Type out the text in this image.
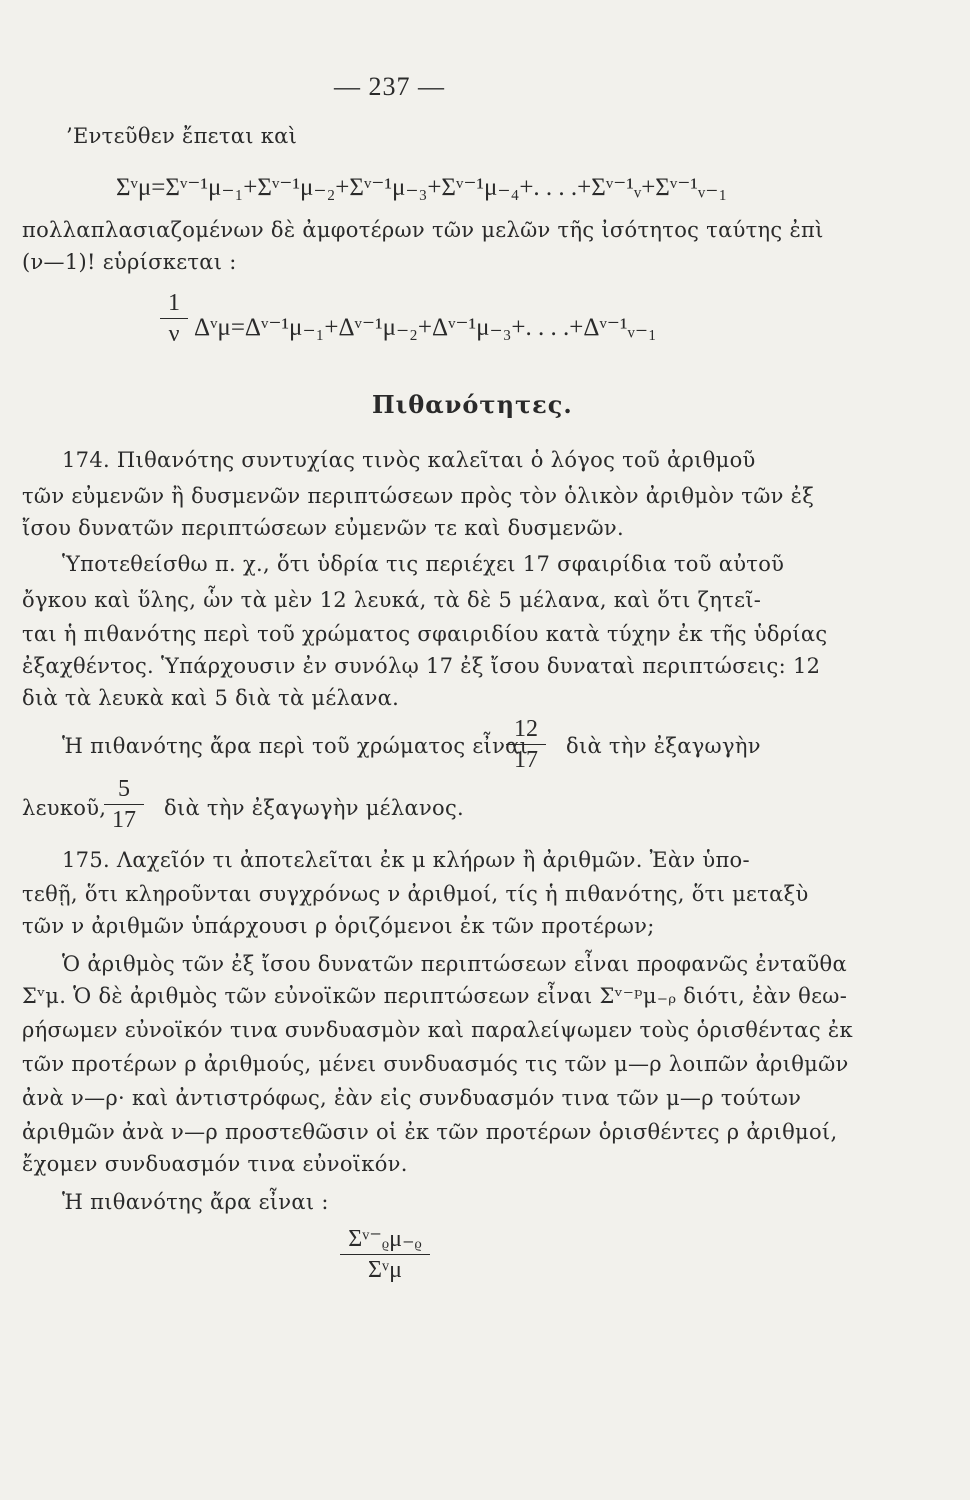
— 237 —
’Εντεῦθεν ἔπεται καὶ
Σᵛμ=Σᵛ⁻¹μ₋₁+Σᵛ⁻¹μ₋₂+Σᵛ⁻¹μ₋₃+Σᵛ⁻¹μ₋₄+. . . .+Σᵛ⁻¹ᵥ+Σᵛ⁻¹ᵥ₋₁
πολλαπλασιαζομένων δὲ ἀμφοτέρων τῶν μελῶν τῆς ἰσότητος ταύτης ἐπὶ
(ν—1)! εὑρίσκεται :
1
ν Δᵛμ=Δᵛ⁻¹μ₋₁+Δᵛ⁻¹μ₋₂+Δᵛ⁻¹μ₋₃+. . . .+Δᵛ⁻¹ᵥ₋₁
Πιθανότητες.
174. Πιθανότης συντυχίας τινὸς καλεῖται ὁ λόγος τοῦ ἀριθμοῦ
τῶν εὐμενῶν ἢ δυσμενῶν περιπτώσεων πρὸς τὸν ὁλικὸν ἀριθμὸν τῶν ἐξ
ἴσου δυνατῶν περιπτώσεων εὐμενῶν τε καὶ δυσμενῶν.
Ὑποτεθείσθω π. χ., ὅτι ὑδρία τις περιέχει 17 σφαιρίδια τοῦ αὐτοῦ
ὄγκου καὶ ὕλης, ὧν τὰ μὲν 12 λευκά, τὰ δὲ 5 μέλανα, καὶ ὅτι ζητεῖ-
ται ἡ πιθανότης περὶ τοῦ χρώματος σφαιριδίου κατὰ τύχην ἐκ τῆς ὑδρίας
ἐξαχθέντος. Ὑπάρχουσιν ἐν συνόλῳ 17 ἐξ ἴσου δυναταὶ περιπτώσεις: 12
διὰ τὰ λευκὰ καὶ 5 διὰ τὰ μέλανα.
Ἡ πιθανότης ἄρα περὶ τοῦ χρώματος εἶναι
12
17
διὰ τὴν ἐξαγωγὴν
λευκοῦ,
5
17	διὰ τὴν ἐξαγωγὴν μέλανος.
175. Λαχεῖόν τι ἀποτελεῖται ἐκ μ κλήρων ἢ ἀριθμῶν. Ἐὰν ὑπο-
τεθῇ, ὅτι κληροῦνται συγχρόνως ν ἀριθμοί, τίς ἡ πιθανότης, ὅτι μεταξὺ
τῶν ν ἀριθμῶν ὑπάρχουσι ρ ὁριζόμενοι ἐκ τῶν προτέρων;
Ὁ ἀριθμὸς τῶν ἐξ ἴσου δυνατῶν περιπτώσεων εἶναι προφανῶς ἐνταῦθα
Σᵛμ. Ὁ δὲ ἀριθμὸς τῶν εὐνοϊκῶν περιπτώσεων εἶναι Σᵛ⁻ᵖμ₋ᵨ διότι, ἐὰν θεω-
ρήσωμεν εὐνοϊκόν τινα συνδυασμὸν καὶ παραλείψωμεν τοὺς ὁρισθέντας ἐκ
τῶν προτέρων ρ ἀριθμούς, μένει συνδυασμός τις τῶν μ—ρ λοιπῶν ἀριθμῶν
ἀνὰ ν—ρ· καὶ ἀντιστρόφως, ἐὰν εἰς συνδυασμόν τινα τῶν μ—ρ τούτων
ἀριθμῶν ἀνὰ ν—ρ προστεθῶσιν οἱ ἐκ τῶν προτέρων ὁρισθέντες ρ ἀριθμοί,
ἔχομεν συνδυασμόν τινα εὐνοϊκόν.
Ἡ πιθανότης ἄρα εἶναι :
Σᵛ⁻ᵨμ₋ᵨ
Σᵛμ
